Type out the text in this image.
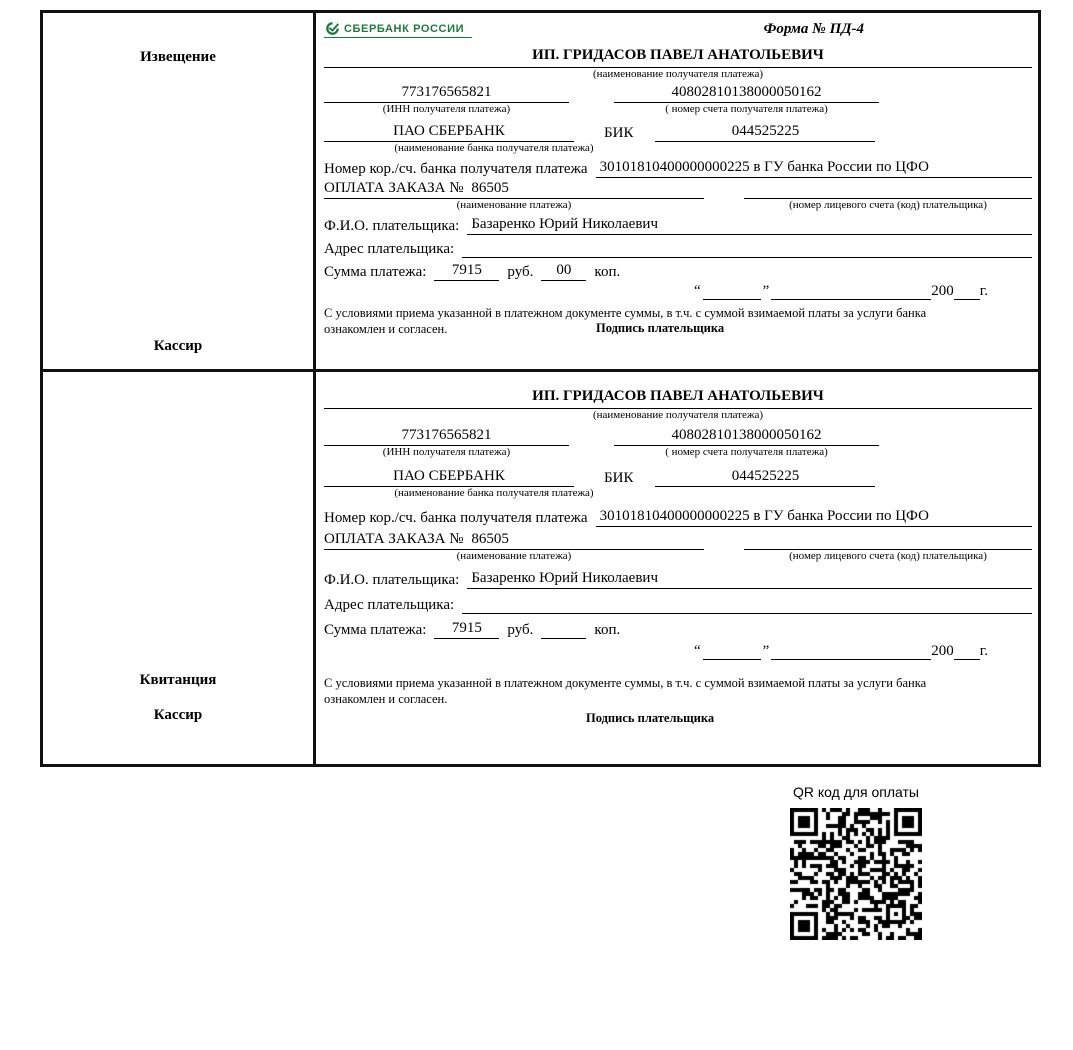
Извещение
Кассир
СБЕРБАНК РОССИИ	Форма № ПД-4
ИП. ГРИДАСОВ ПАВЕЛ АНАТОЛЬЕВИЧ
(наименование получателя платежа)
773176565821	40802810138000050162
(ИНН получателя платежа)	( номер счета получателя платежа)
ПАО СБЕРБАНК	БИК	044525225
(наименование банка получателя платежа)
Номер кор./сч. банка получателя платежа 30101810400000000225 в ГУ банка России по ЦФО
ОПЛАТА ЗАКАЗА № 86505
(наименование платежа)	(номер лицевого счета (код) плательщика)
Ф.И.О. плательщика: Базаренко Юрий Николаевич
Адрес плательщика:
Сумма платежа:	7915	руб.	00	коп.
“	”	200 г.
С условиями приема указанной в платежном документе суммы, в т.ч. с суммой взимаемой платы за услуги банка ознакомлен и согласен.	Подпись плательщика
Квитанция
Кассир
ИП. ГРИДАСОВ ПАВЕЛ АНАТОЛЬЕВИЧ
(наименование получателя платежа)
773176565821	40802810138000050162
(ИНН получателя платежа)	( номер счета получателя платежа)
ПАО СБЕРБАНК	БИК	044525225
(наименование банка получателя платежа)
Номер кор./сч. банка получателя платежа 30101810400000000225 в ГУ банка России по ЦФО
ОПЛАТА ЗАКАЗА № 86505
(наименование платежа)	(номер лицевого счета (код) плательщика)
Ф.И.О. плательщика: Базаренко Юрий Николаевич
Адрес плательщика:
Сумма платежа:	7915	руб.	коп.
“	”	200 г.
С условиями приема указанной в платежном документе суммы, в т.ч. с суммой взимаемой платы за услуги банка ознакомлен и согласен.
Подпись плательщика
QR код для оплаты
